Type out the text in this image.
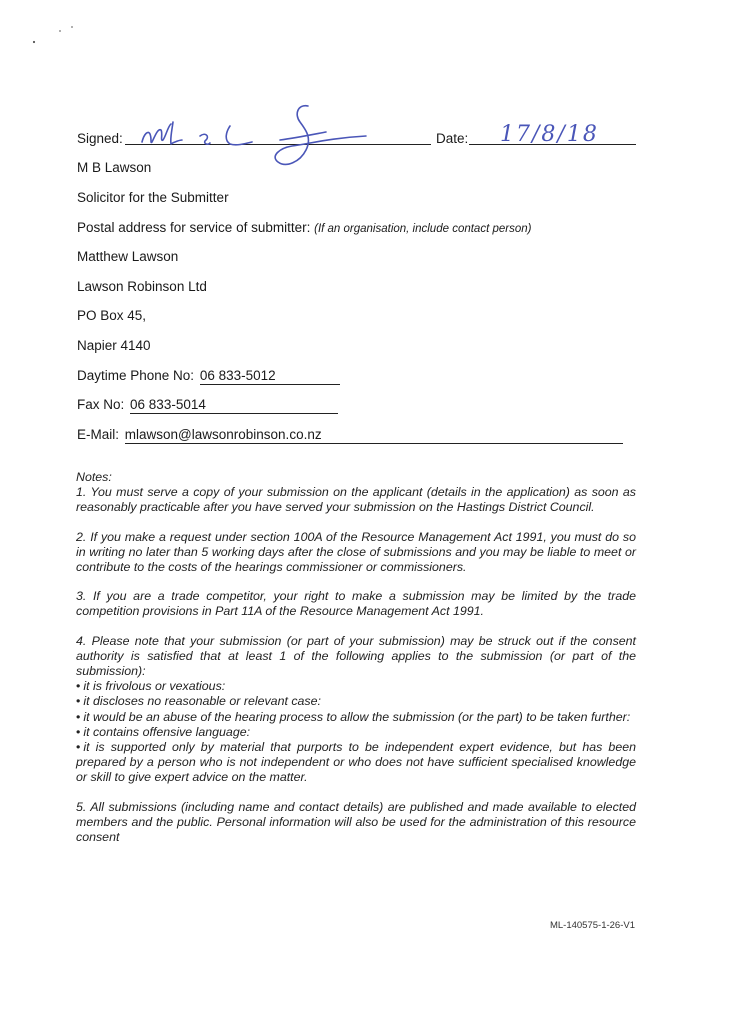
Signed:	Date: 17/8/18
M B Lawson
Solicitor for the Submitter
Postal address for service of submitter: (If an organisation, include contact person)
Matthew Lawson
Lawson Robinson Ltd
PO Box 45,
Napier 4140
Daytime Phone No: 06 833-5012
Fax No: 06 833-5014
E-Mail: mlawson@lawsonrobinson.co.nz

Notes:

1. You must serve a copy of your submission on the applicant (details in the application) as soon as reasonably practicable after you have served your submission on the Hastings District Council.

2. If you make a request under section 100A of the Resource Management Act 1991, you must do so in writing no later than 5 working days after the close of submissions and you may be liable to meet or contribute to the costs of the hearings commissioner or commissioners.

3. If you are a trade competitor, your right to make a submission may be limited by the trade competition provisions in Part 11A of the Resource Management Act 1991.

4. Please note that your submission (or part of your submission) may be struck out if the consent authority is satisfied that at least 1 of the following applies to the submission (or part of the submission):

• it is frivolous or vexatious:
• it discloses no reasonable or relevant case:
• it would be an abuse of the hearing process to allow the submission (or the part) to be taken further:
• it contains offensive language:
• it is supported only by material that purports to be independent expert evidence, but has been prepared by a person who is not independent or who does not have sufficient specialised knowledge or skill to give expert advice on the matter.

5. All submissions (including name and contact details) are published and made available to elected members and the public. Personal information will also be used for the administration of this resource consent

ML-140575-1-26-V1
